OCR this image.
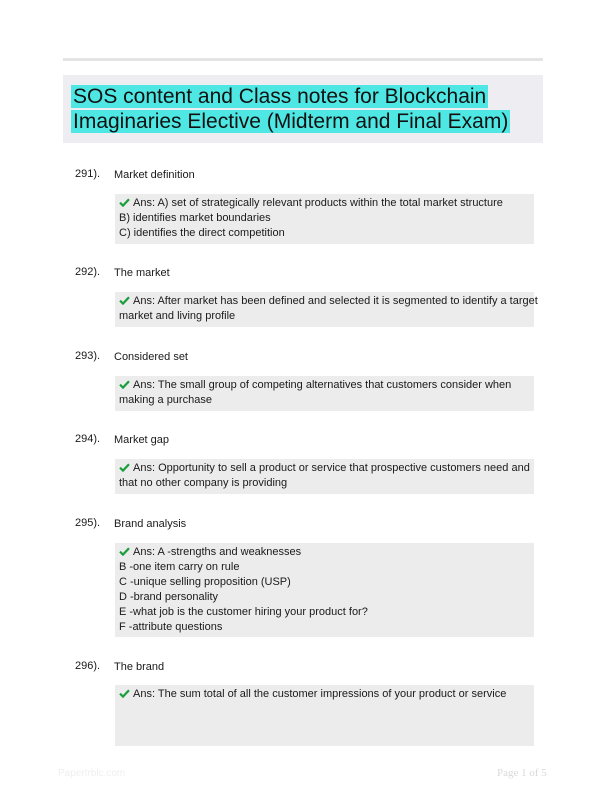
SOS content and Class notes for Blockchain
Imaginaries Elective (Midterm and Final Exam)
291). Market definition
Ans: A) set of strategically relevant products within the total market structure
B) identifies market boundaries
C) identifies the direct competition
292). The market
Ans: After market has been defined and selected it is segmented to identify a target
market and living profile
293). Considered set
Ans: The small group of competing alternatives that customers consider when
making a purchase
294). Market gap
Ans: Opportunity to sell a product or service that prospective customers need and
that no other company is providing
295). Brand analysis
Ans: A -strengths and weaknesses
B -one item carry on rule
C -unique selling proposition (USP)
D -brand personality
E -what job is the customer hiring your product for?
F -attribute questions
296). The brand
Ans: The sum total of all the customer impressions of your product or service
Papertrblc.com	Page 1 of 5
